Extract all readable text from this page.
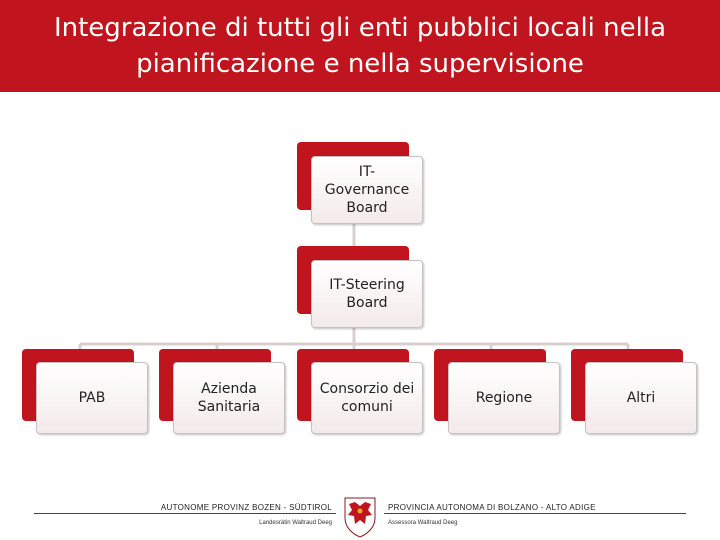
Integrazione di tutti gli enti pubblici locali nella
pianificazione e nella supervisione
IT-
Governance
Board
IT-Steering
Board
PAB
Azienda
Sanitaria
Consorzio dei
comuni
Regione	Altri
AUTONOME PROVINZ BOZEN - SÜDTIROL	PROVINCIA AUTONOMA DI BOLZANO - ALTO ADIGE
Landesrätin Waltraud Deeg	Assessora Waltraud Deeg
